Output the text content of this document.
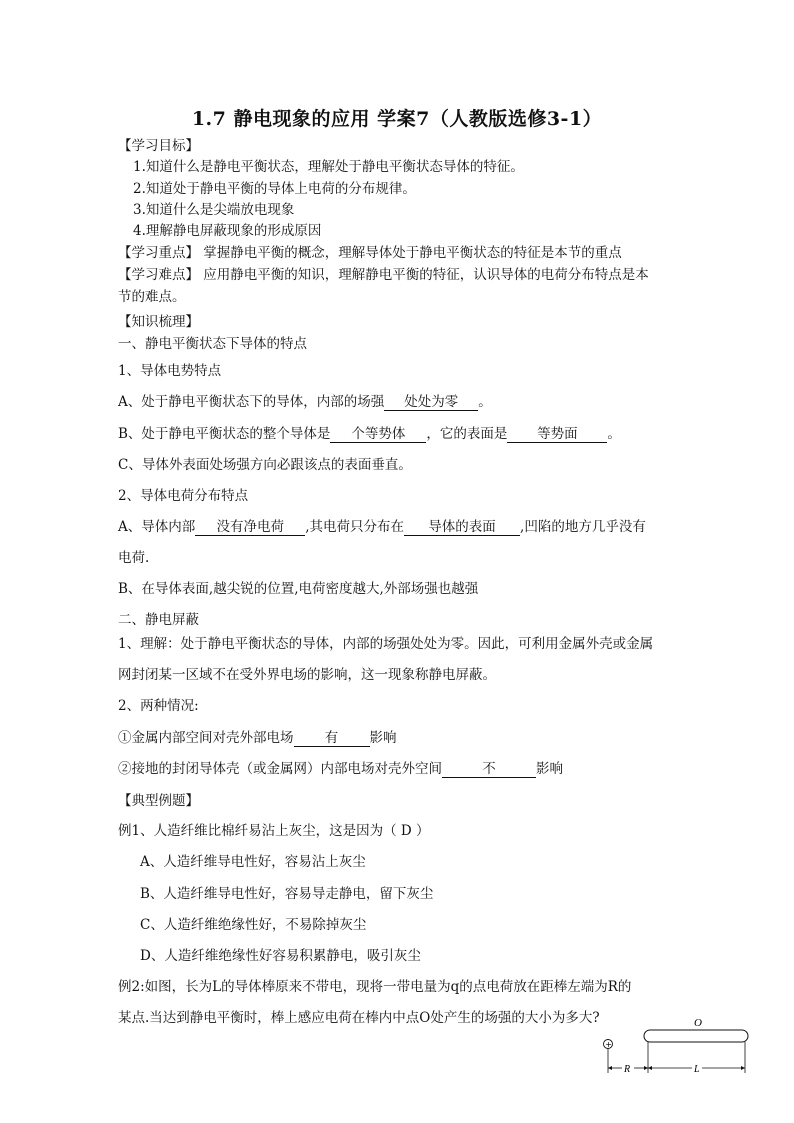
1.7 静电现象的应用 学案7（人教版选修3-1）
【学习目标】
1.知道什么是静电平衡状态，理解处于静电平衡状态导体的特征。
2.知道处于静电平衡的导体上电荷的分布规律。
3.知道什么是尖端放电现象
4.理解静电屏蔽现象的形成原因
【学习重点】 掌握静电平衡的概念，理解导体处于静电平衡状态的特征是本节的重点
【学习难点】 应用静电平衡的知识，理解静电平衡的特征，认识导体的电荷分布特点是本
节的难点。
【知识梳理】
一、静电平衡状态下导体的特点
1、导体电势特点
A、处于静电平衡状态下的导体，内部的场强 处处为零 。
B、处于静电平衡状态的整个导体是 个等势体 ，它的表面是 等势面 。
C、导体外表面处场强方向必跟该点的表面垂直。
2、导体电荷分布特点
A、导体内部 没有净电荷 ,其电荷只分布在 导体的表面 ,凹陷的地方几乎没有
电荷.
B、在导体表面,越尖锐的位置,电荷密度越大,外部场强也越强
二、静电屏蔽
1、理解：处于静电平衡状态的导体，内部的场强处处为零。因此，可利用金属外壳或金属
网封闭某一区域不在受外界电场的影响，这一现象称静电屏蔽。
2、两种情况:
①金属内部空间对壳外部电场 有 影响
②接地的封闭导体壳（或金属网）内部电场对壳外空间	不	影响
【典型例题】
例1、人造纤维比棉纤易沾上灰尘，这是因为（ D ）
A、人造纤维导电性好，容易沾上灰尘
B、人造纤维导电性好，容易导走静电，留下灰尘
C、人造纤维绝缘性好，不易除掉灰尘
D、人造纤维绝缘性好容易积累静电，吸引灰尘
例2:如图，长为L的导体棒原来不带电，现将一带电量为q的点电荷放在距棒左端为R的
某点.当达到静电平衡时，棒上感应电荷在棒内中点O处产生的场强的大小为多大?	O
+
R	L
